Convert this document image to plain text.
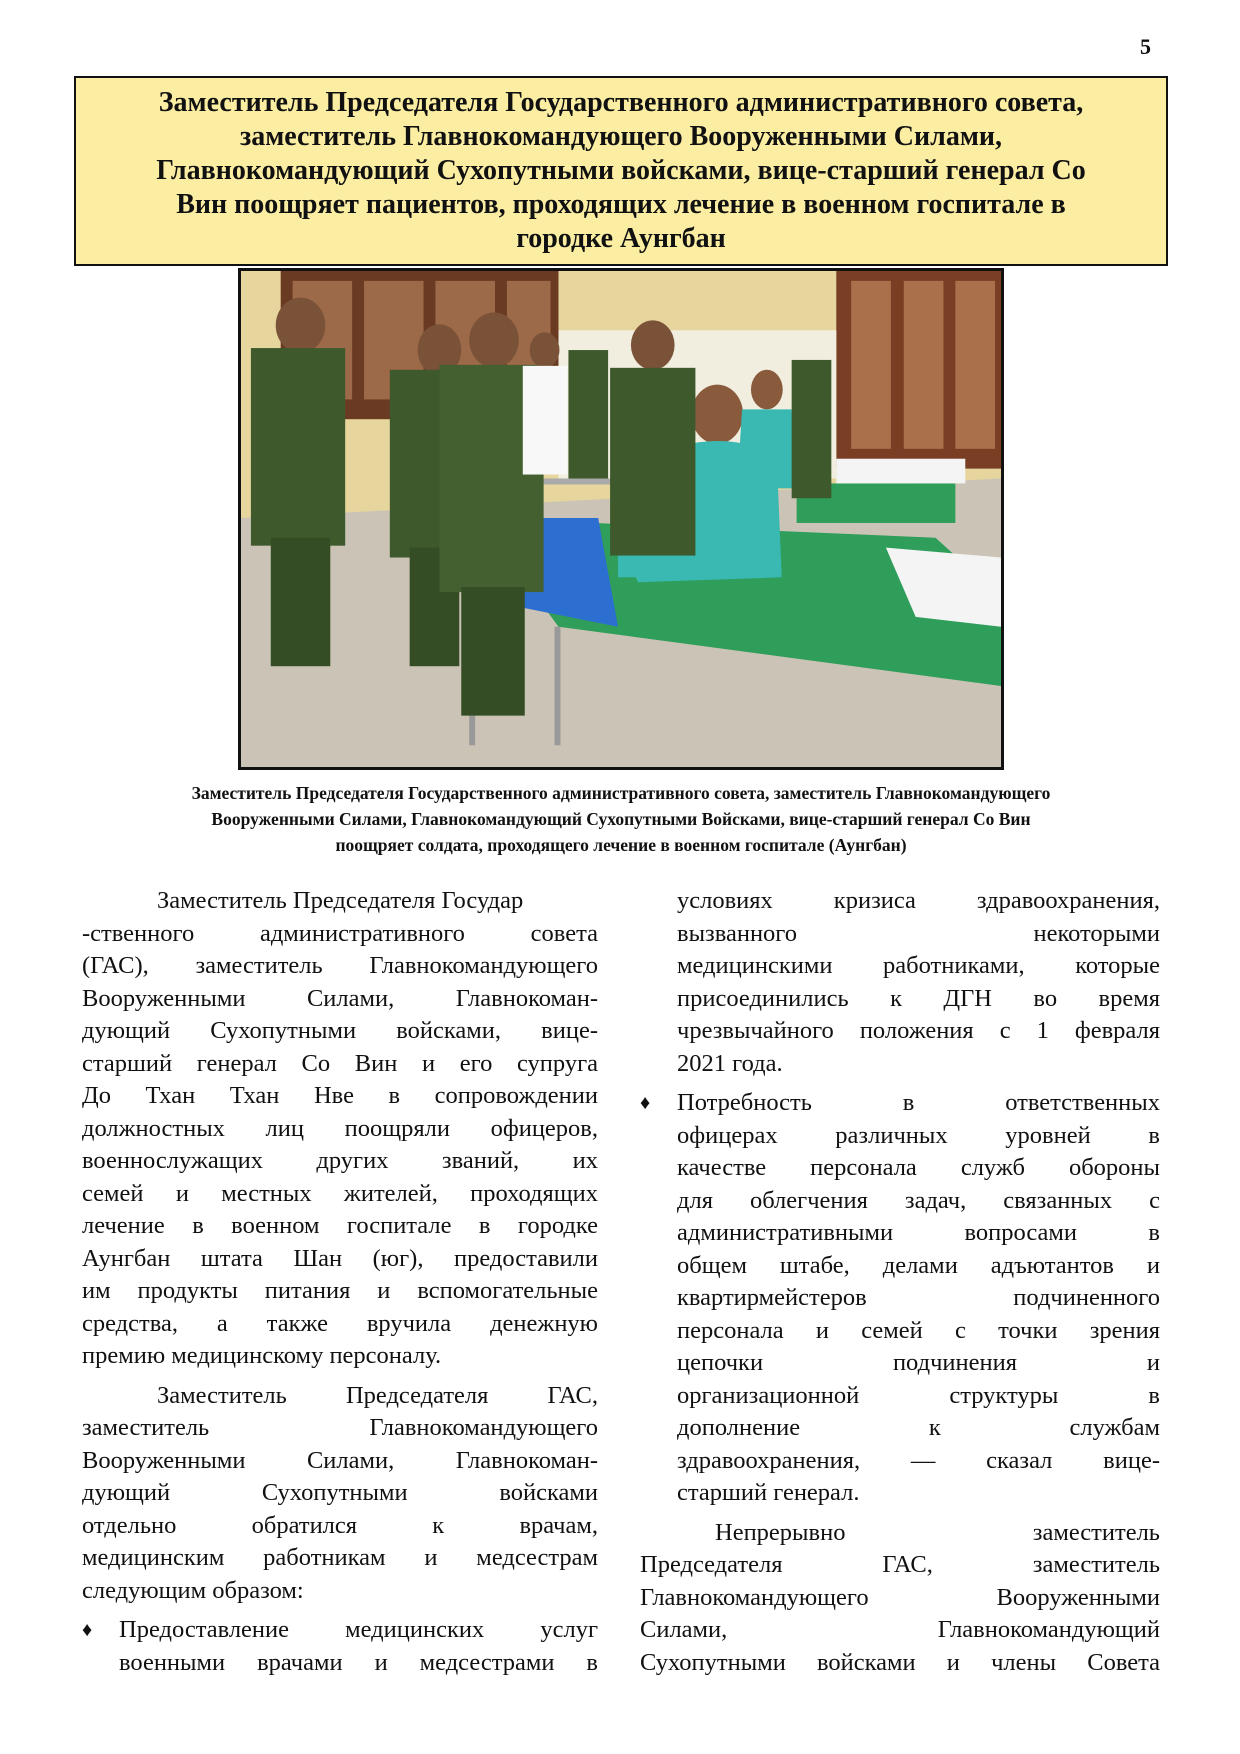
5
Заместитель Председателя Государственного административного совета,
заместитель Главнокомандующего Вооруженными Силами,
Главнокомандующий Сухопутными войсками, вице-старший генерал Со
Вин поощряет пациентов, проходящих лечение в военном госпитале в
городке Аунгбан
Заместитель Председателя Государственного административного совета, заместитель Главнокомандующего
Вооруженными Силами, Главнокомандующий Сухопутными Войсками, вице-старший генерал Со Вин
поощряет солдата, проходящего лечение в военном госпитале (Аунгбан)
Заместитель Председателя Государ
-ственного административного совета
(ГАС), заместитель Главнокомандующего
Вооруженными Силами, Главнокоман-
дующий Сухопутными войсками, вице-
старший генерал Со Вин и его супруга
До Тхан Тхан Нве в сопровождении
должностных лиц поощряли офицеров,
военнослужащих других званий, их
семей и местных жителей, проходящих
лечение в военном госпитале в городке
Аунгбан штата Шан (юг), предоставили
им продукты питания и вспомогательные
средства, а также вручила денежную
премию медицинскому персоналу.
Заместитель Председателя ГАС,
заместитель Главнокомандующего
Вооруженными Силами, Главнокоман-
дующий Сухопутными войсками
отдельно обратился к врачам,
медицинским работникам и медсестрам
следующим образом:
♦ Предоставление медицинских услуг
военными врачами и медсестрами в
условиях кризиса здравоохранения,
вызванного некоторыми
медицинскими работниками, которые
присоединились к ДГН во время
чрезвычайного положения с 1 февраля
2021 года.
♦ Потребность в ответственных
офицерах различных уровней в
качестве персонала служб обороны
для облегчения задач, связанных с
административными вопросами в
общем штабе, делами адъютантов и
квартирмейстеров подчиненного
персонала и семей с точки зрения
цепочки подчинения и
организационной структуры в
дополнение к службам
здравоохранения, — сказал вице-
старший генерал.
Непрерывно заместитель
Председателя ГАС, заместитель
Главнокомандующего Вооруженными
Силами, Главнокомандующий
Сухопутными войсками и члены Совета
